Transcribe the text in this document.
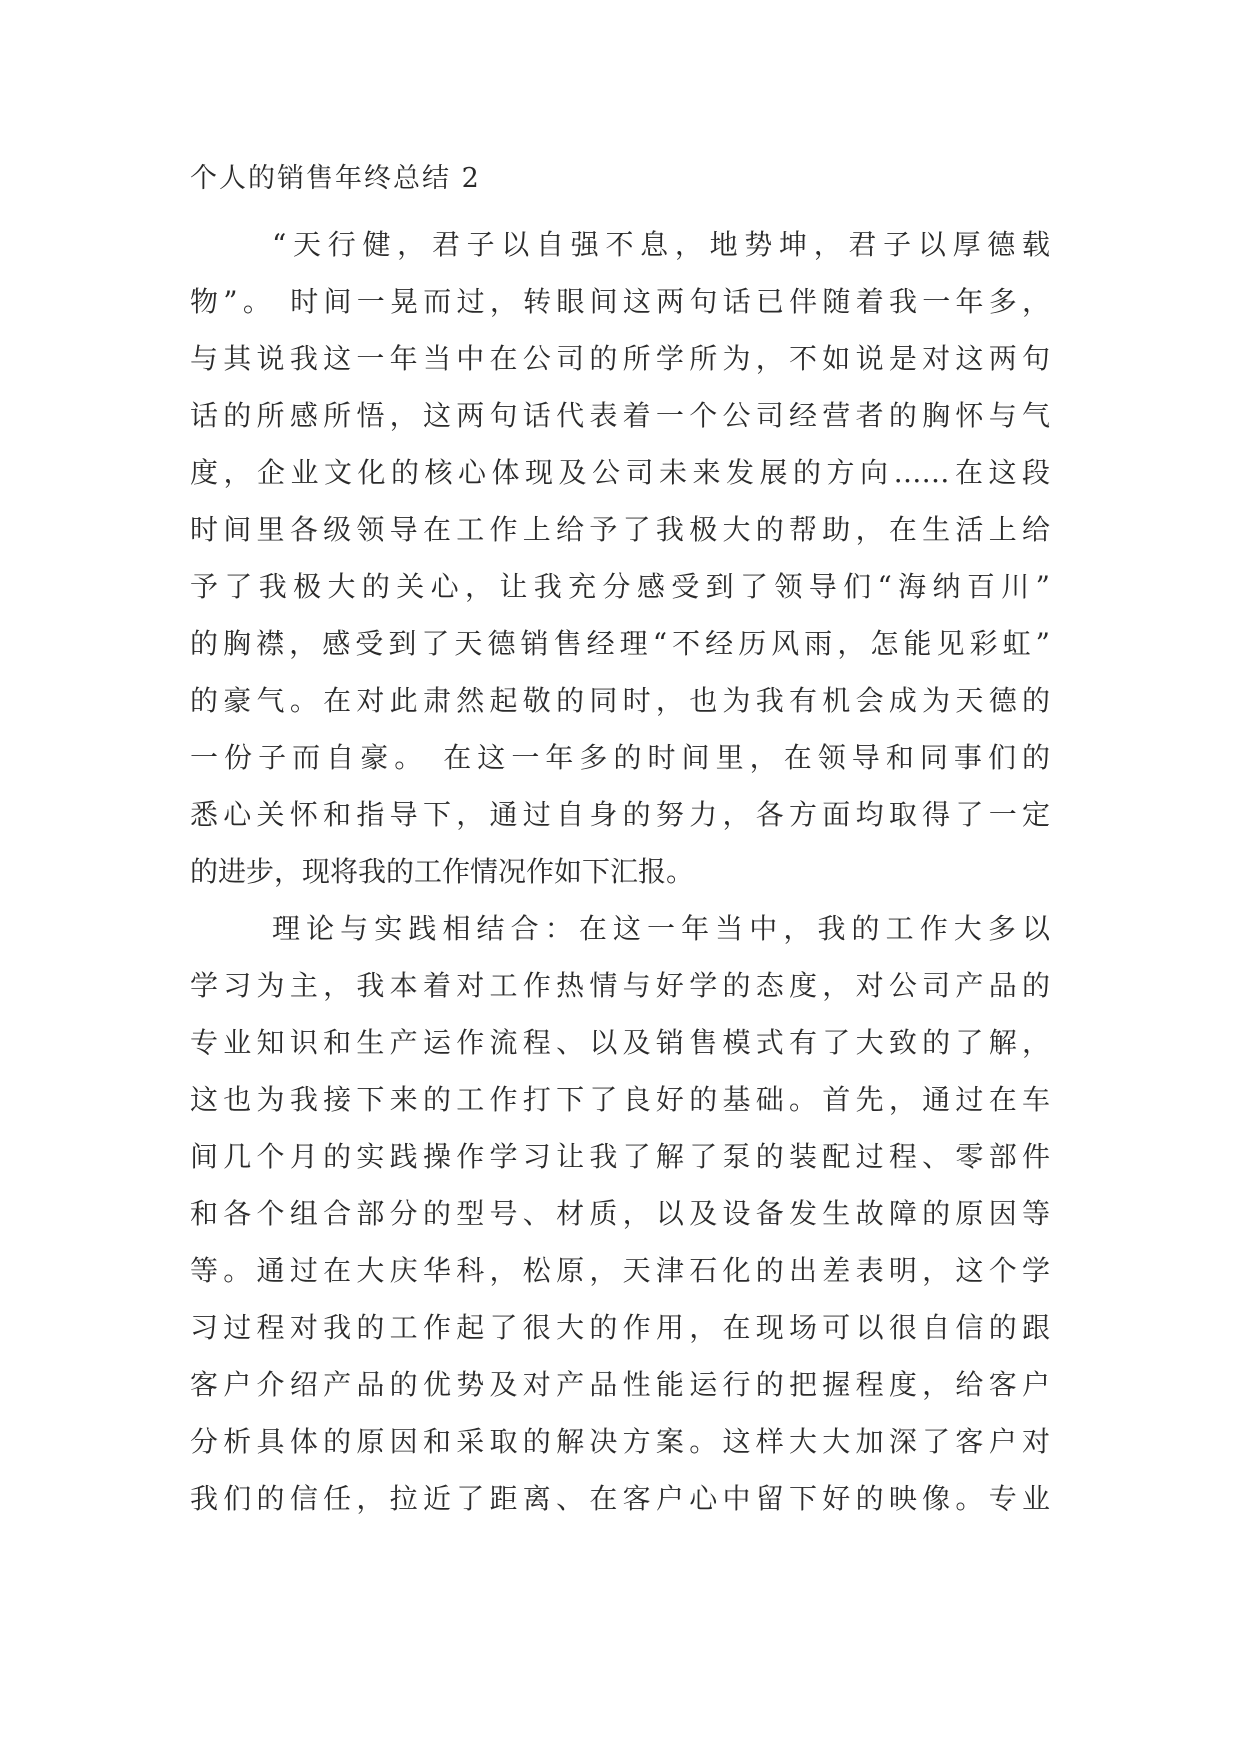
个人的销售年终总结 2
“天行健，君子以自强不息，地势坤，君子以厚德载
物”。 时间一晃而过，转眼间这两句话已伴随着我一年多，
与其说我这一年当中在公司的所学所为，不如说是对这两句
话的所感所悟，这两句话代表着一个公司经营者的胸怀与气
度，企业文化的核心体现及公司未来发展的方向……在这段
时间里各级领导在工作上给予了我极大的帮助，在生活上给
予了我极大的关心，让我充分感受到了领导们“海纳百川”
的胸襟，感受到了天德销售经理“不经历风雨，怎能见彩虹”
的豪气。在对此肃然起敬的同时，也为我有机会成为天德的
一份子而自豪。 在这一年多的时间里，在领导和同事们的
悉心关怀和指导下，通过自身的努力，各方面均取得了一定
的进步，现将我的工作情况作如下汇报。
理论与实践相结合：在这一年当中，我的工作大多以
学习为主，我本着对工作热情与好学的态度，对公司产品的
专业知识和生产运作流程、以及销售模式有了大致的了解，
这也为我接下来的工作打下了良好的基础。首先，通过在车
间几个月的实践操作学习让我了解了泵的装配过程、零部件
和各个组合部分的型号、材质，以及设备发生故障的原因等
等。通过在大庆华科，松原，天津石化的出差表明，这个学
习过程对我的工作起了很大的作用，在现场可以很自信的跟
客户介绍产品的优势及对产品性能运行的把握程度，给客户
分析具体的原因和采取的解决方案。这样大大加深了客户对
我们的信任，拉近了距离、在客户心中留下好的映像。专业
